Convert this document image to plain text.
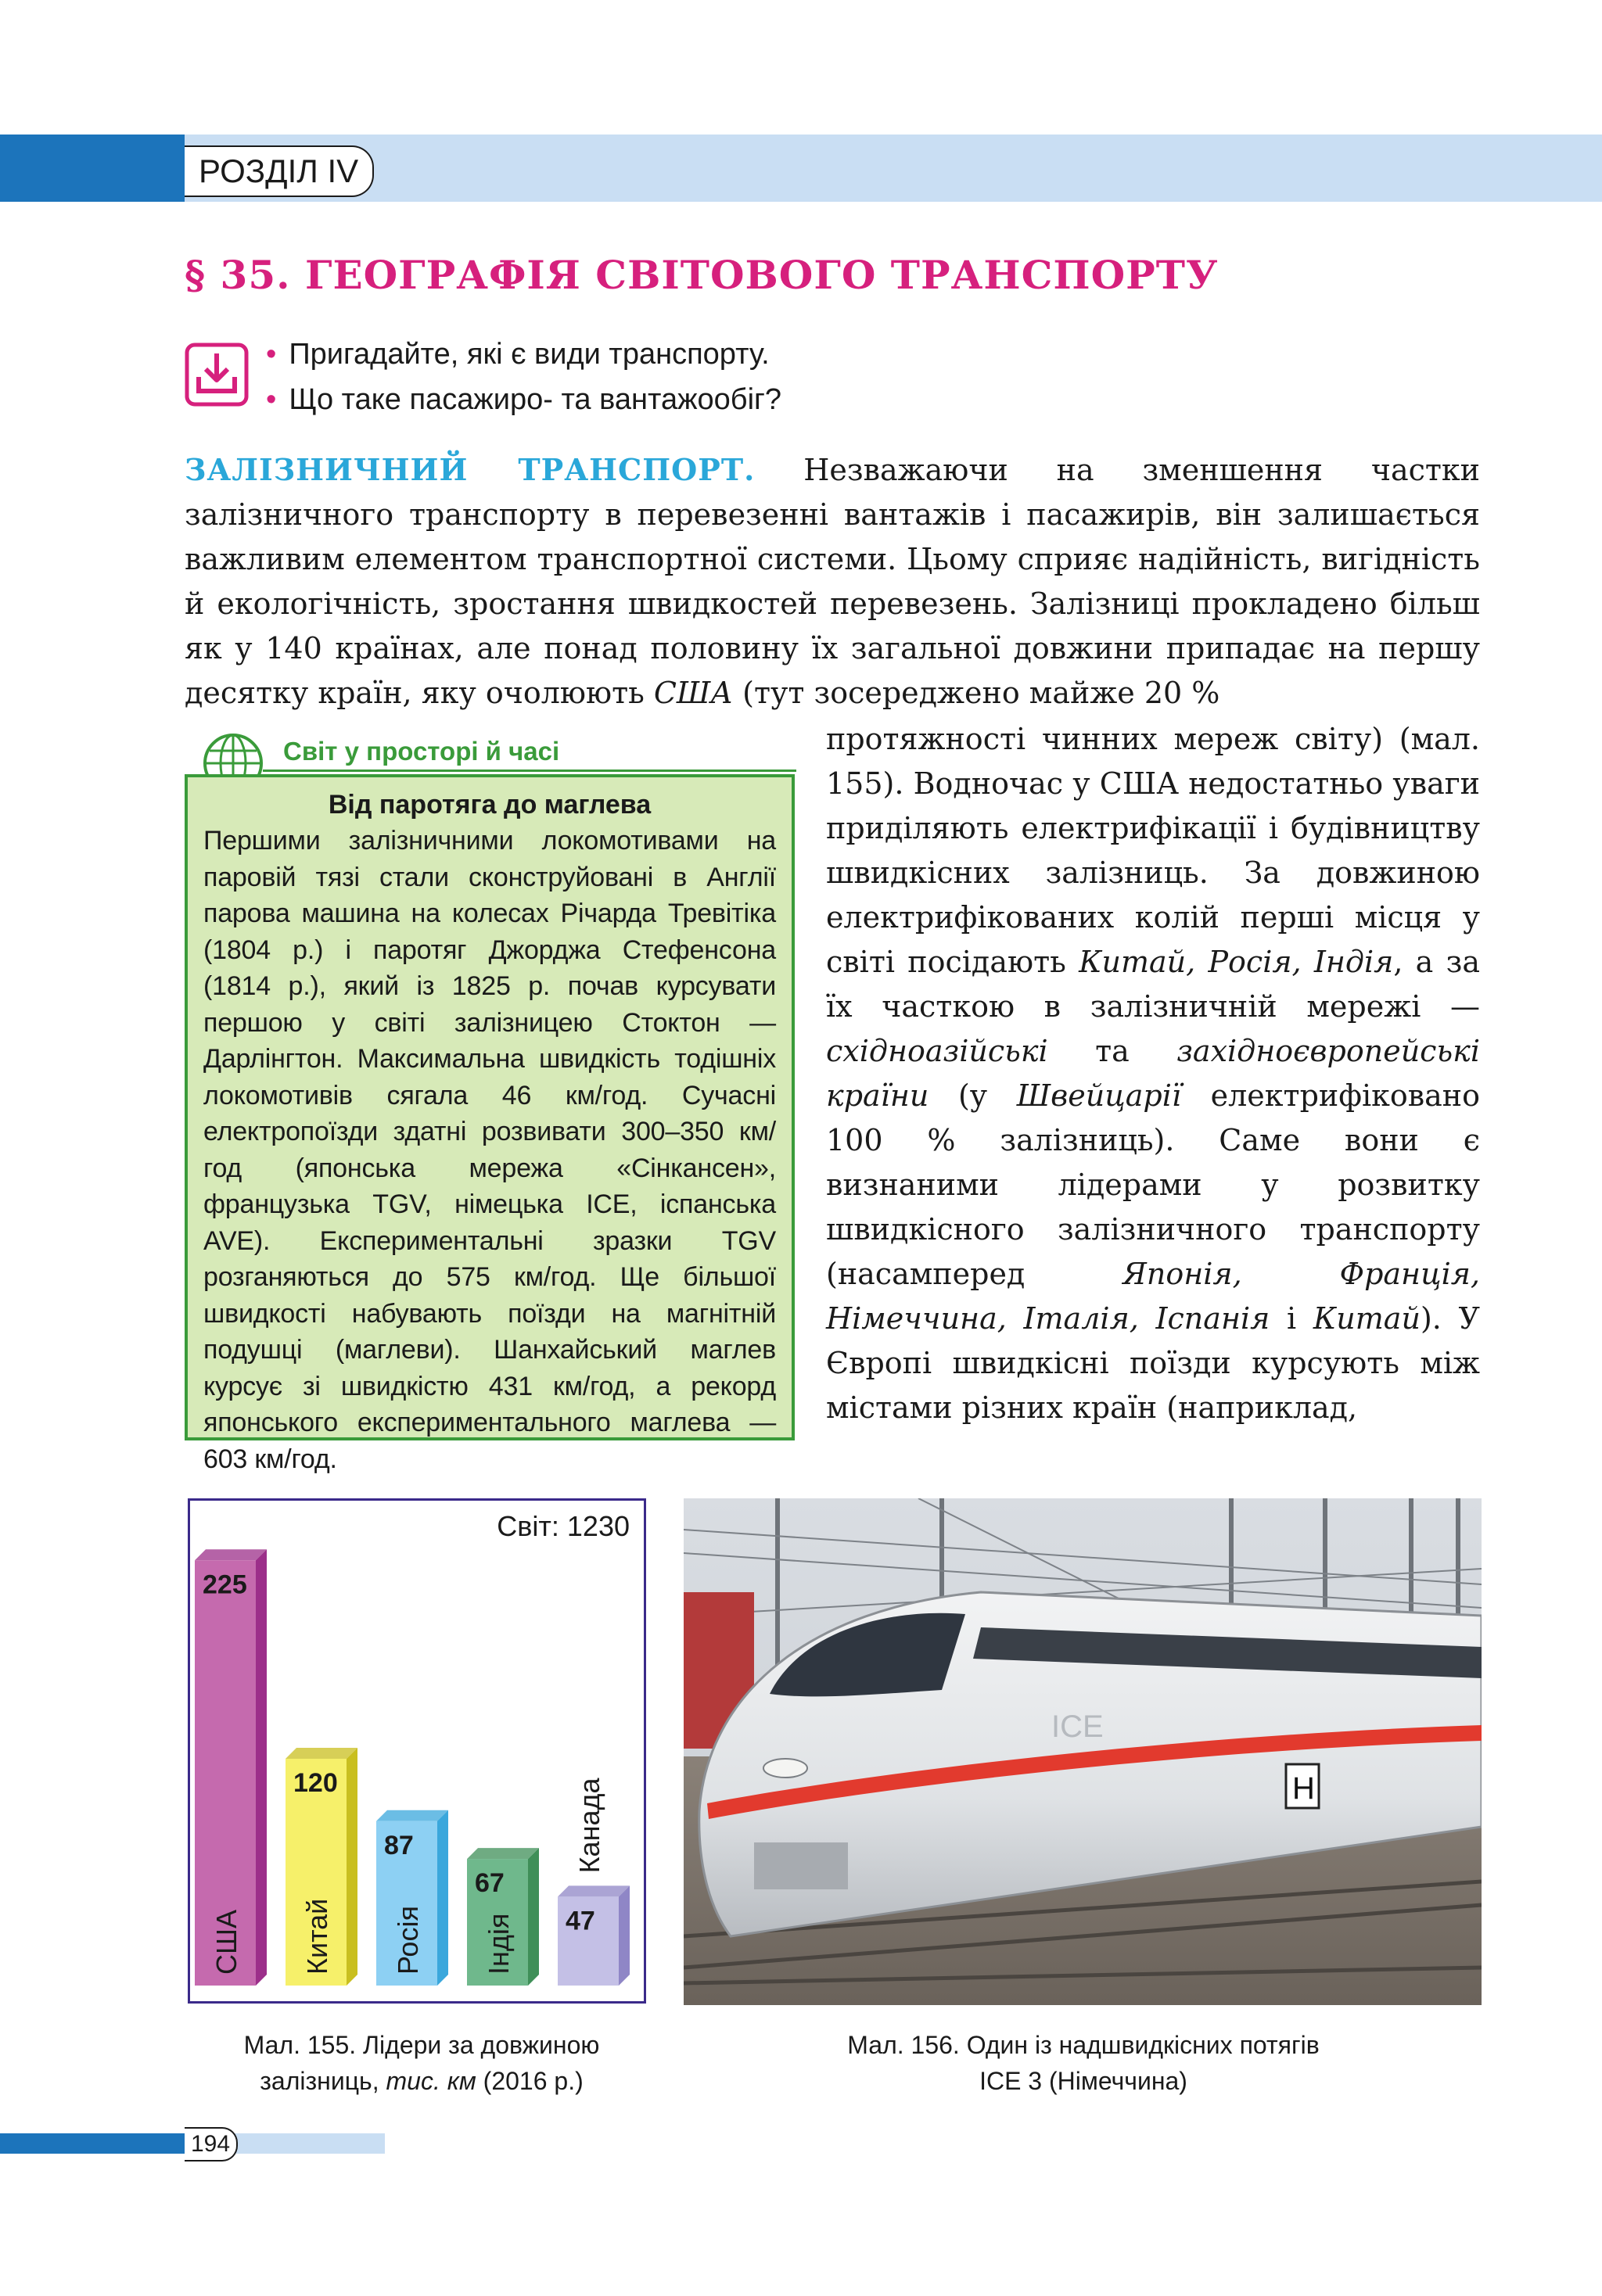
РОЗДІЛ IV
§ 35. ГЕОГРАФІЯ СВІТОВОГО ТРАНСПОРТУ
• Пригадайте, які є види транспорту.
• Що таке пасажиро- та вантажообіг?

ЗАЛІЗНИЧНИЙ ТРАНСПОРТ. Незважаючи на зменшення частки залізничного транспорту в перевезенні вантажів і пасажирів, він залишається важливим елементом транспортної системи. Цьому сприяє надійність, вигідність й екологічність, зростання швидкостей перевезень. Залізниці прокладено більш як у 140 країнах, але понад половину їх загальної довжини припадає на першу десятку країн, яку очолюють США (тут зосереджено майже 20 %

протяжності чинних мереж світу) (мал. 155). Водночас у США недостатньо уваги приділяють електрифікації і будівництву швидкісних залізниць. За довжиною електрифікованих колій перші місця у світі посідають Китай, Росія, Індія, а за їх часткою в залізничній мережі — східноазійські та західноєвропейські країни (у Швейцарії електрифіковано 100 % залізниць). Саме вони є визнаними лідерами у розвитку швидкісного залізничного транспорту (насамперед Японія, Франція, Німеччина, Італія, Іспанія і Китай). У Європі швидкісні поїзди курсують між містами різних країн (наприклад,

Світ у просторі й часі
Від паротяга до маглева

Першими залізничними локомотивами на паровій тязі стали сконструйовані в Англії парова машина на колесах Річарда Тревітіка (1804 р.) і паротяг Джорджа Стефенсона (1814 р.), який із 1825 р. почав курсувати першою у світі залізницею Стоктон — Дарлінгтон. Максимальна швидкість тодішніх локомотивів сягала 46 км/год. Сучасні електропоїзди здатні розвивати 300–350 км/год (японська мережа «Сінкансен», французька TGV, німецька ICE, іспанська AVE). Експериментальні зразки TGV розганяються до 575 км/год. Ще більшої швидкості набувають поїзди на магнітній подушці (маглеви). Шанхайський маглев курсує зі швидкістю 431 км/год, а рекорд японського експериментального маглева — 603 км/год.

225
США
120
Китай
87
Росія
67
Індія 47
Канада
Світ: 1230
ICE
H
Мал. 155. Лідери за довжиною
залізниць, тис. км (2016 р.)
Мал. 156. Один із надшвидкісних потягів
ICE 3 (Німеччина)
194
